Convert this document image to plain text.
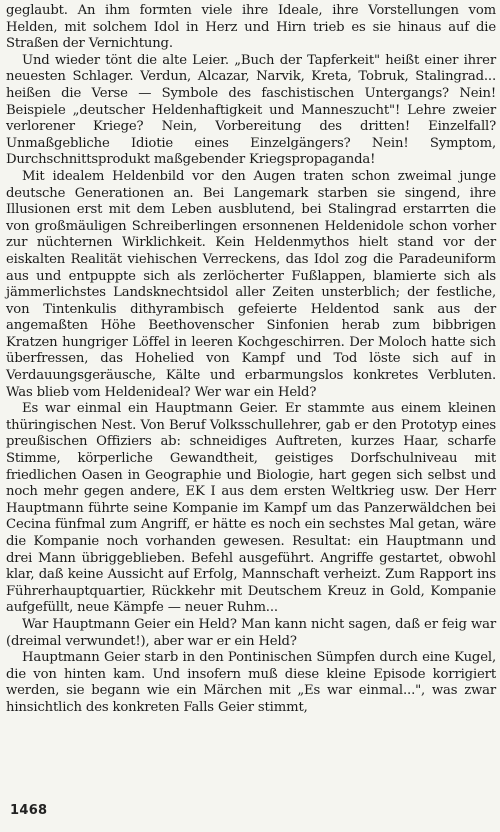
geglaubt. An ihm formten viele ihre Ideale, ihre Vorstellungen vom Helden, mit solchem Idol in Herz und Hirn trieb es sie hinaus auf die Straßen der Vernichtung.

Und wieder tönt die alte Leier. „Buch der Tapferkeit" heißt einer ihrer neuesten Schlager. Verdun, Alcazar, Narvik, Kreta, Tobruk, Stalingrad... heißen die Verse — Symbole des faschistischen Untergangs? Nein! Beispiele „deutscher Heldenhaftigkeit und Manneszucht"! Lehre zweier verlorener Kriege? Nein, Vorbereitung des dritten! Einzelfall? Unmaßgebliche Idiotie eines Einzelgängers? Nein! Symptom, Durchschnittsprodukt maßgebender Kriegspropaganda!

Mit idealem Heldenbild vor den Augen traten schon zweimal junge deutsche Generationen an. Bei Langemark starben sie singend, ihre Illusionen erst mit dem Leben ausblutend, bei Stalingrad erstarrten die von großmäuligen Schreiberlingen ersonnenen Heldenidole schon vorher zur nüchternen Wirklichkeit. Kein Heldenmythos hielt stand vor der eiskalten Realität viehischen Verreckens, das Idol zog die Paradeuniform aus und entpuppte sich als zerlöcherter Fußlappen, blamierte sich als jämmerlichstes Landsknechtsidol aller Zeiten unsterblich; der festliche, von Tintenkulis dithyrambisch gefeierte Heldentod sank aus der angemaßten Höhe Beethovenscher Sinfonien herab zum bibbrigen Kratzen hungriger Löffel in leeren Kochgeschirren. Der Moloch hatte sich überfressen, das Hohelied von Kampf und Tod löste sich auf in Verdauungsgeräusche, Kälte und erbarmungslos konkretes Verbluten. Was blieb vom Heldenideal? Wer war ein Held?

Es war einmal ein Hauptmann Geier. Er stammte aus einem kleinen thüringischen Nest. Von Beruf Volksschullehrer, gab er den Prototyp eines preußischen Offiziers ab: schneidiges Auftreten, kurzes Haar, scharfe Stimme, körperliche Gewandtheit, geistiges Dorfschulniveau mit friedlichen Oasen in Geographie und Biologie, hart gegen sich selbst und noch mehr gegen andere, EK I aus dem ersten Weltkrieg usw. Der Herr Hauptmann führte seine Kompanie im Kampf um das Panzerwäldchen bei Cecina fünfmal zum Angriff, er hätte es noch ein sechstes Mal getan, wäre die Kompanie noch vorhanden gewesen. Resultat: ein Hauptmann und drei Mann übriggeblieben. Befehl ausgeführt. Angriffe gestartet, obwohl klar, daß keine Aussicht auf Erfolg, Mannschaft verheizt. Zum Rapport ins Führerhauptquartier, Rückkehr mit Deutschem Kreuz in Gold, Kompanie aufgefüllt, neue Kämpfe — neuer Ruhm...

War Hauptmann Geier ein Held? Man kann nicht sagen, daß er feig war (dreimal verwundet!), aber war er ein Held?

Hauptmann Geier starb in den Pontinischen Sümpfen durch eine Kugel, die von hinten kam. Und insofern muß diese kleine Episode korrigiert werden, sie begann wie ein Märchen mit „Es war einmal...", was zwar hinsichtlich des konkreten Falls Geier stimmt,

1468
